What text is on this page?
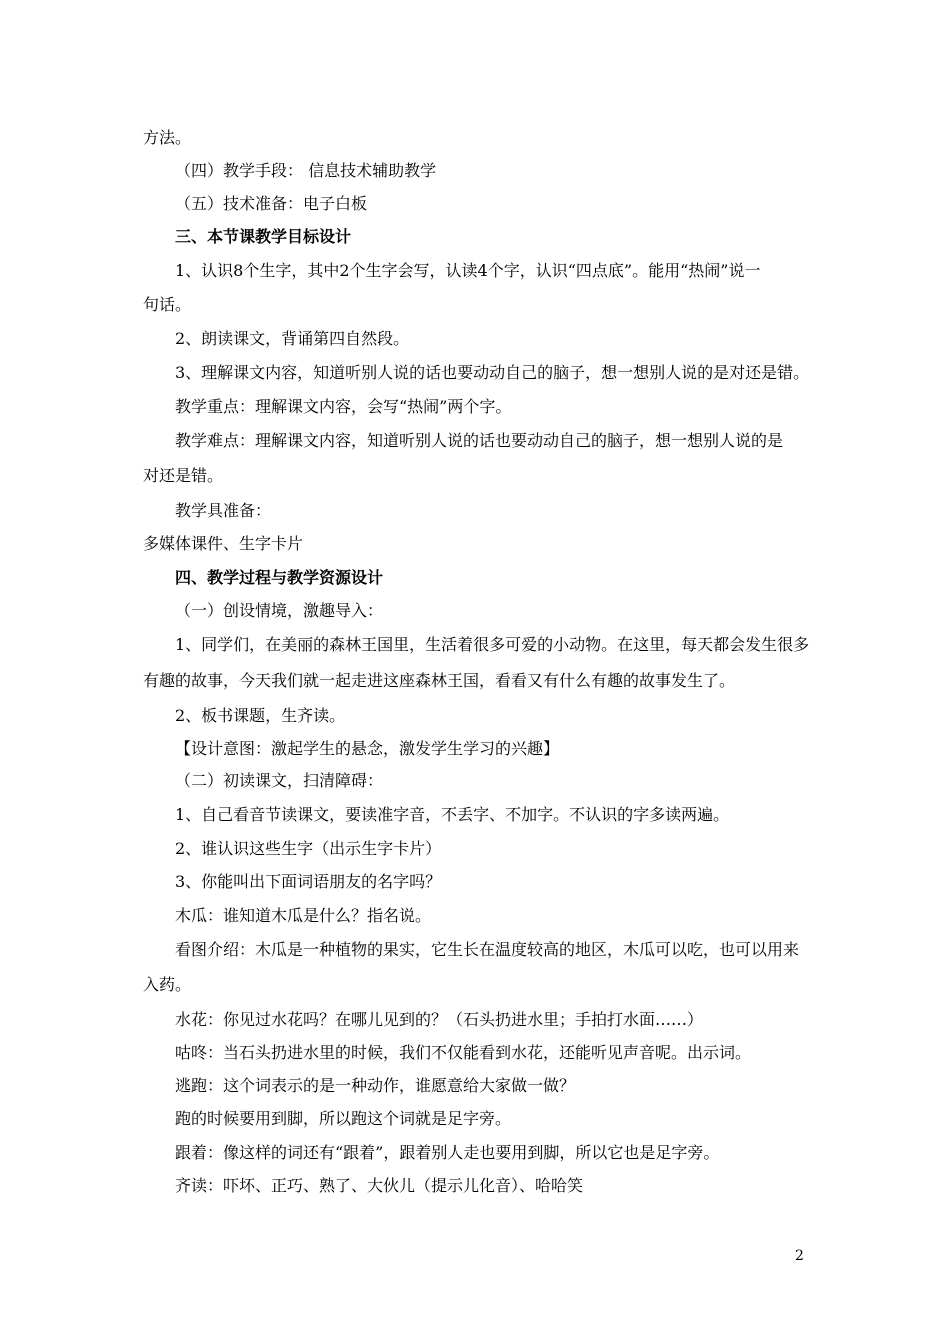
方法。
（四）教学手段： 信息技术辅助教学
（五）技术准备：电子白板
三、本节课教学目标设计
1、认识8个生字，其中2个生字会写，认读4个字，认识“四点底”。能用“热闹”说一
句话。
2、朗读课文，背诵第四自然段。
3、理解课文内容，知道听别人说的话也要动动自己的脑子，想一想别人说的是对还是错。
教学重点：理解课文内容，会写“热闹”两个字。
教学难点：理解课文内容，知道听别人说的话也要动动自己的脑子，想一想别人说的是
对还是错。
教学具准备：
多媒体课件、生字卡片
四、教学过程与教学资源设计
（一）创设情境，激趣导入：
1、同学们，在美丽的森林王国里，生活着很多可爱的小动物。在这里，每天都会发生很多
有趣的故事，今天我们就一起走进这座森林王国，看看又有什么有趣的故事发生了。
2、板书课题，生齐读。
【设计意图：激起学生的悬念，激发学生学习的兴趣】
（二）初读课文，扫清障碍：
1、自己看音节读课文，要读准字音，不丢字、不加字。不认识的字多读两遍。
2、谁认识这些生字（出示生字卡片）
3、你能叫出下面词语朋友的名字吗？
木瓜：谁知道木瓜是什么？指名说。
看图介绍：木瓜是一种植物的果实，它生长在温度较高的地区，木瓜可以吃，也可以用来
入药。
水花：你见过水花吗？在哪儿见到的？（石头扔进水里；手拍打水面……）
咕咚：当石头扔进水里的时候，我们不仅能看到水花，还能听见声音呢。出示词。
逃跑：这个词表示的是一种动作，谁愿意给大家做一做？
跑的时候要用到脚，所以跑这个词就是足字旁。
跟着：像这样的词还有“跟着”，跟着别人走也要用到脚，所以它也是足字旁。
齐读：吓坏、正巧、熟了、大伙儿（提示儿化音）、哈哈笑
2
